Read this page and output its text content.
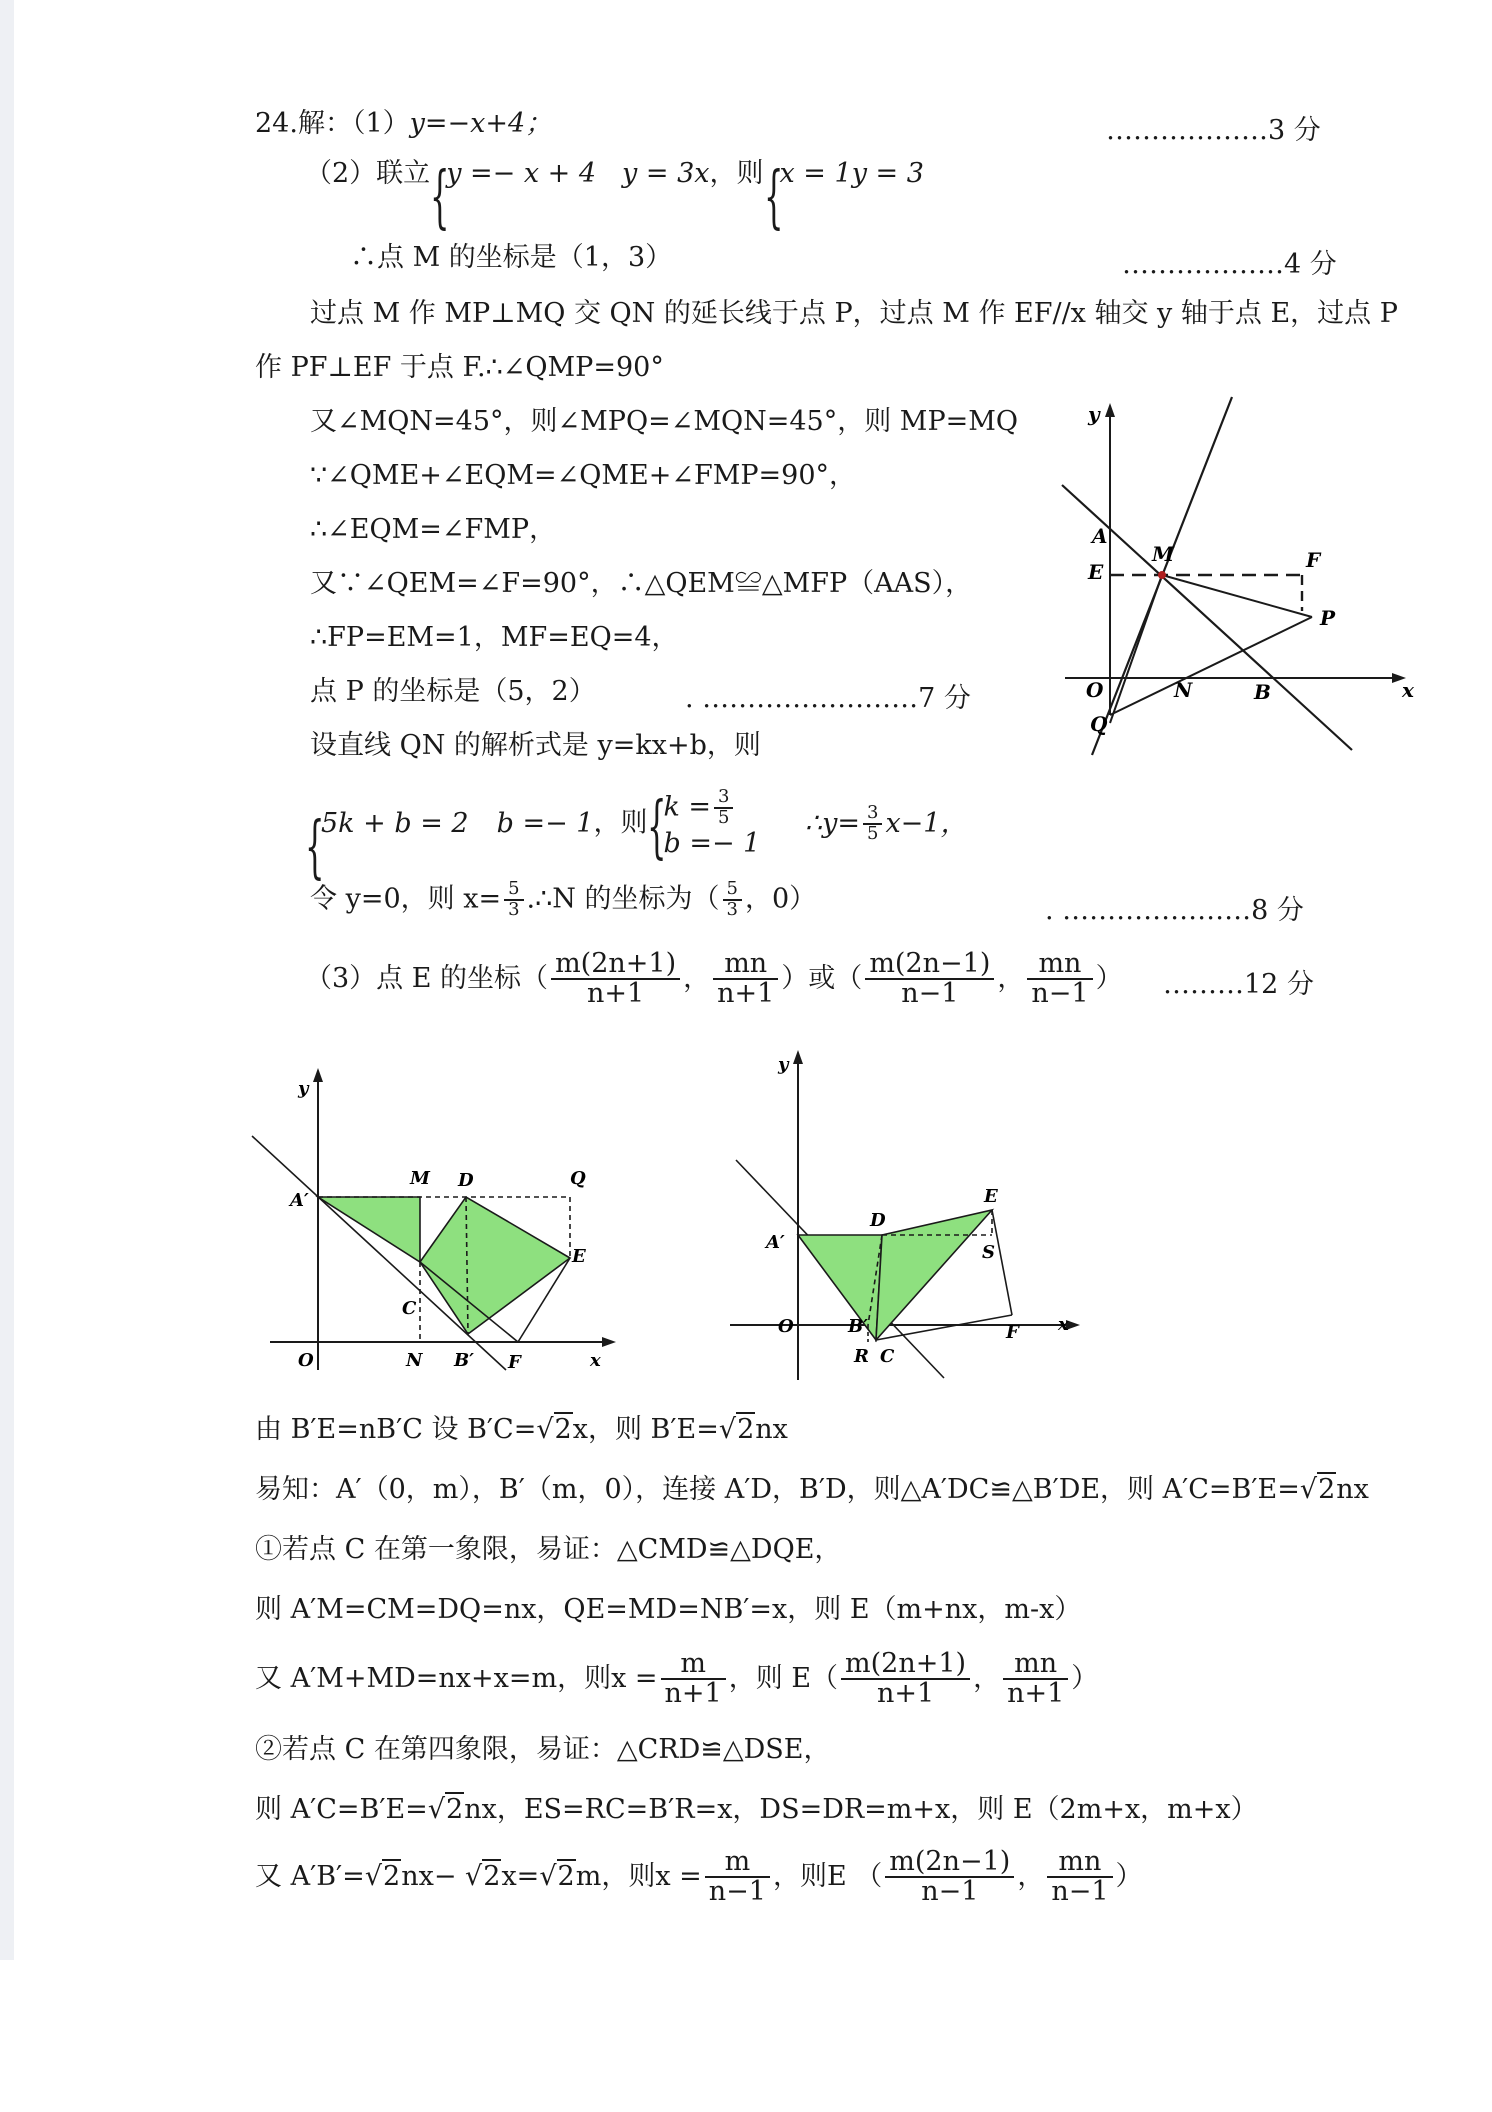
24.解：（1）y=−x+4；	………………3 分
（2）联立 {
y =− x + 4 y = 3x，则 {
x = 1y = 3
∴点 M 的坐标是（1，3）	………………4 分
过点 M 作 MP⊥MQ 交 QN 的延长线于点 P，过点 M 作 EF//x 轴交 y 轴于点 E，过点 P
作 PF⊥EF 于点 F.∴∠QMP=90°
又∠MQN=45°，则∠MPQ=∠MQN=45°，则 MP=MQ
∵∠QME+∠EQM=∠QME+∠FMP=90°，
∴∠EQM=∠FMP，
又∵∠QEM=∠F=90°，∴△QEM≌△MFP（AAS），
∴FP=EM=1，MF=EQ=4，
点 P 的坐标是（5，2）	. ……………………7 分
设直线 QN 的解析式是 y=kx+b，则
{
5k + b = 2 b =− 1，则 {
$k = \frac{3}{5}$
b =− 1 ∴y= $\frac{3}{5} x-1$，
令 y=0，则 $x= \frac{5}{3}$ .∴N 的坐标为（ $\frac{5}{3}$ ，0）	. …………………8 分
（3）点 E 的坐标（ $\frac{m(2n+1)}{n+1}$ ， $\frac{mn}{n+1}$ ）或（ $\frac{m(2n-1)}{n-1}$ ， $\frac{mn}{n-1}$ ） ………12 分
y
x
A
M
E	F
P
O	N	B
Q
y
A′
M D	Q
E
C
O	N B′ F	x
y
A′
D
E
S
O	B′	F x
R C
由 B′E=nB′C 设 B′C=√2x，则 B′E=√2nx
易知：A′（0，m），B′（m，0），连接 A′D，B′D，则△A′DC≌△B′DE，则 A′C=B′E=√2nx
①若点 C 在第一象限，易证：△CMD≌△DQE，
则 A′M=CM=DQ=nx，QE=MD=NB′=x，则 E（m+nx，m-x）
又 A′M+MD=nx+x=m，则$x = \frac{m}{n+1}$ ，则 $E( \frac{m(2n+1)}{n+1}$ ， $\frac{mn}{n+1}$ ）
②若点 C 在第四象限，易证：△CRD≌△DSE，
则 A′C=B′E=√2nx，ES=RC=B′R=x，DS=DR=m+x，则 E（2m+x，m+x）
又 A′B′=√2nx− √2x=√2m，则$x = \frac{m}{n-1}$ ，则E （ $\frac{m(2n-1)}{n-1}$ ， $\frac{mn}{n-1}$ ）
